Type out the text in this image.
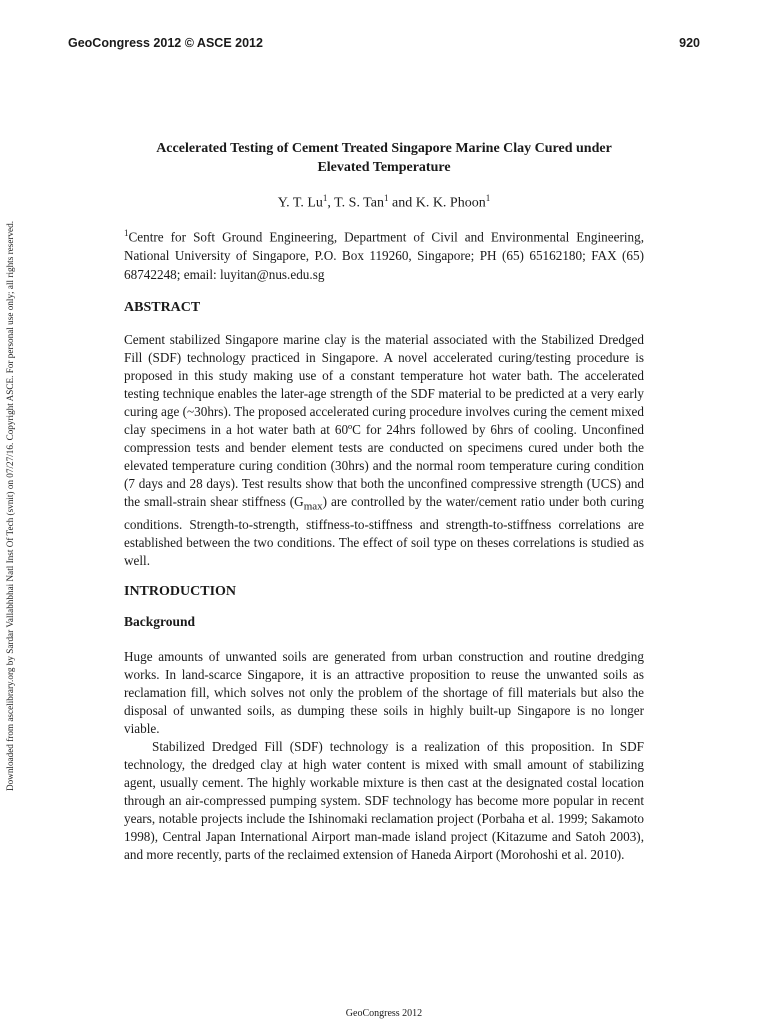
GeoCongress 2012 © ASCE 2012	920
Downloaded from ascelibrary.org by Sardar Vallabhbhai Natl Inst Of Tech (svnit) on 07/27/16. Copyright ASCE. For personal use only; all rights reserved.

Accelerated Testing of Cement Treated Singapore Marine Clay Cured under
Elevated Temperature

Y. T. Lu$^1$, T. S. Tan$^1$ and K. K. Phoon$^1$
$^1$Centre for Soft Ground Engineering, Department of Civil and Environmental Engineering, National University of Singapore, P.O. Box 119260, Singapore; PH (65) 65162180; FAX (65) 68742248; email: luyitan@nus.edu.sg
ABSTRACT
Cement stabilized Singapore marine clay is the material associated with the Stabilized Dredged Fill (SDF) technology practiced in Singapore. A novel accelerated curing/testing procedure is proposed in this study making use of a constant temperature hot water bath. The accelerated testing technique enables the later-age strength of the SDF material to be predicted at a very early curing age (~30hrs). The proposed accelerated curing procedure involves curing the cement mixed clay specimens in a hot water bath at 60ºC for 24hrs followed by 6hrs of cooling. Unconfined compression tests and bender element tests are conducted on specimens cured under both the elevated temperature curing condition (30hrs) and the normal room temperature curing condition (7 days and 28 days). Test results show that both the unconfined compressive strength (UCS) and the small-strain shear stiffness $(G_{max})$ are controlled by the water/cement ratio under both curing conditions. Strength-to-strength, stiffness-to-stiffness and strength-to-stiffness correlations are established between the two conditions. The effect of soil type on theses correlations is studied as well.
INTRODUCTION
Background
Huge amounts of unwanted soils are generated from urban construction and routine dredging works. In land-scarce Singapore, it is an attractive proposition to reuse the unwanted soils as reclamation fill, which solves not only the problem of the shortage of fill materials but also the disposal of unwanted soils, as dumping these soils in highly built-up Singapore is no longer viable.
Stabilized Dredged Fill (SDF) technology is a realization of this proposition. In SDF technology, the dredged clay at high water content is mixed with small amount of stabilizing agent, usually cement. The highly workable mixture is then cast at the designated costal location through an air-compressed pumping system. SDF technology has become more popular in recent years, notable projects include the Ishinomaki reclamation project (Porbaha et al. 1999; Sakamoto 1998), Central Japan International Airport man-made island project (Kitazume and Satoh 2003), and more recently, parts of the reclaimed extension of Haneda Airport (Morohoshi et al. 2010).
GeoCongress 2012
